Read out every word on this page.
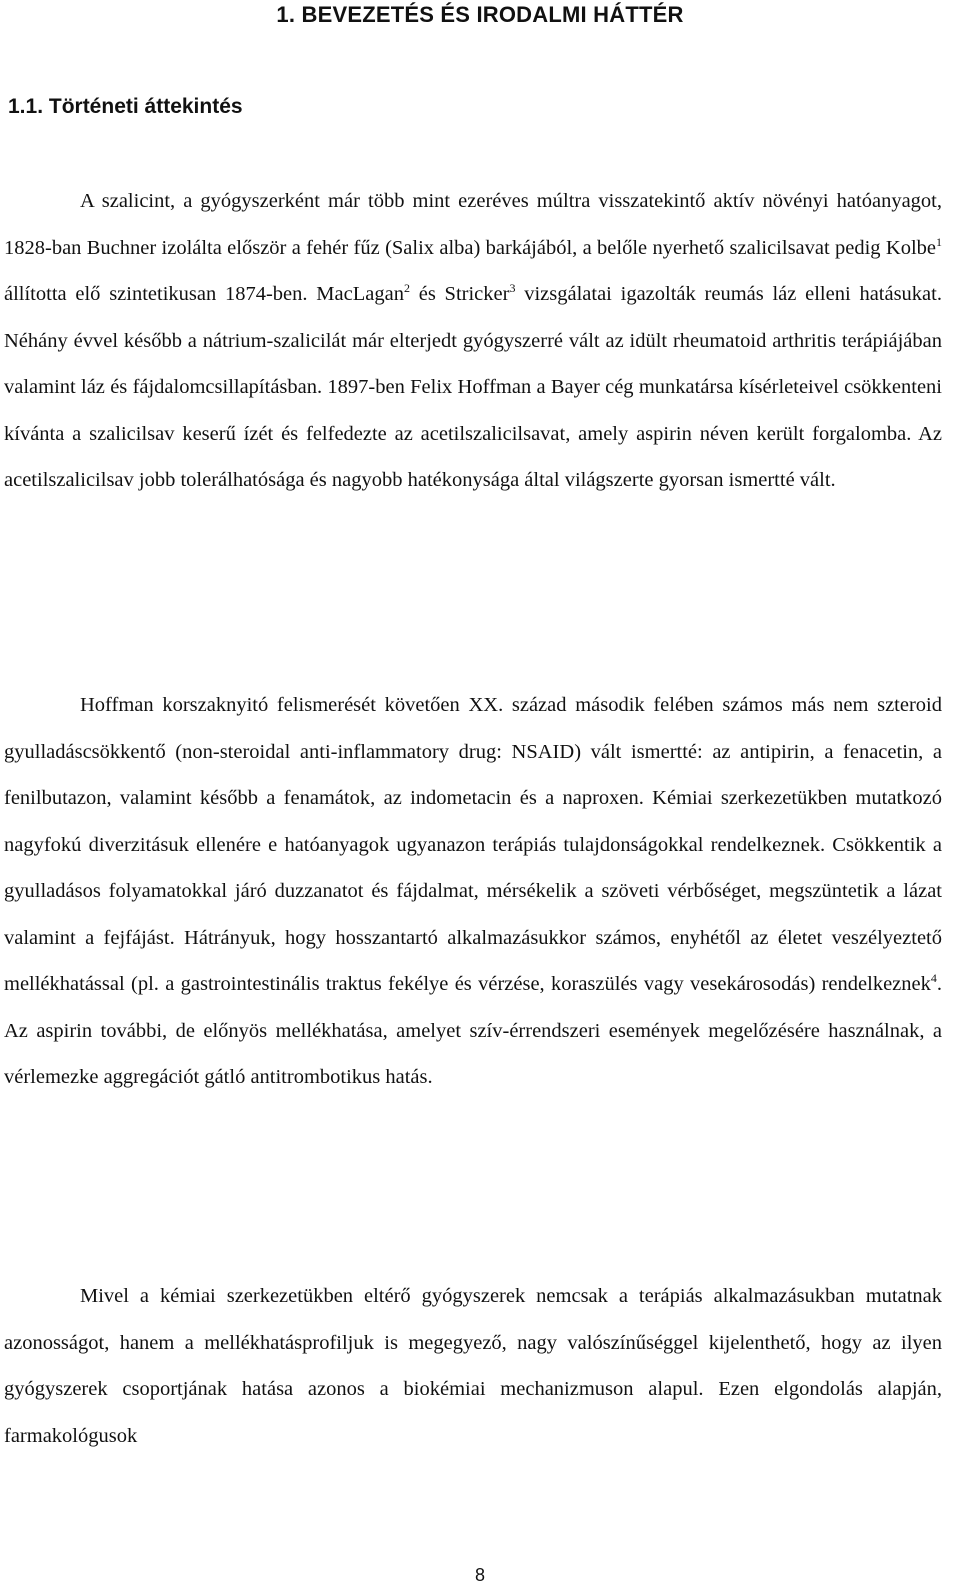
1. BEVEZETÉS ÉS IRODALMI HÁTTÉR
1.1. Történeti áttekintés

A szalicint, a gyógyszerként már több mint ezeréves múltra visszatekintő aktív növényi hatóanyagot, 1828-ban Buchner izolálta először a fehér fűz (Salix alba) barkájából, a belőle nyerhető szalicilsavat pedig Kolbe$^1$ állította elő szintetikusan 1874-ben. MacLagan$^2$ és Stricker$^3$ vizsgálatai igazolták reumás láz elleni hatásukat. Néhány évvel később a nátrium-szalicilát már elterjedt gyógyszerré vált az idült rheumatoid arthritis terápiájában valamint láz és fájdalomcsillapításban. 1897-ben Felix Hoffman a Bayer cég munkatársa kísérleteivel csökkenteni kívánta a szalicilsav keserű ízét és felfedezte az acetilszalicilsavat, amely aspirin néven került forgalomba. Az acetilszalicilsav jobb tolerálhatósága és nagyobb hatékonysága által világszerte gyorsan ismertté vált.

Hoffman korszaknyitó felismerését követően XX. század második felében számos más nem szteroid gyulladáscsökkentő (non-steroidal anti-inflammatory drug: NSAID) vált ismertté: az antipirin, a fenacetin, a fenilbutazon, valamint később a fenamátok, az indometacin és a naproxen. Kémiai szerkezetükben mutatkozó nagyfokú diverzitásuk ellenére e hatóanyagok ugyanazon terápiás tulajdonságokkal rendelkeznek. Csökkentik a gyulladásos folyamatokkal járó duzzanatot és fájdalmat, mérsékelik a szöveti vérbőséget, megszüntetik a lázat valamint a fejfájást. Hátrányuk, hogy hosszantartó alkalmazásukkor számos, enyhétől az életet veszélyeztető mellékhatással (pl. a gastrointestinális traktus fekélye és vérzése, koraszülés vagy vesekárosodás) rendelkeznek$^4$. Az aspirin további, de előnyös mellékhatása, amelyet szív-érrendszeri események megelőzésére használnak, a vérlemezke aggregációt gátló antitrombotikus hatás.

Mivel a kémiai szerkezetükben eltérő gyógyszerek nemcsak a terápiás alkalmazásukban mutatnak azonosságot, hanem a mellékhatásprofiljuk is megegyező, nagy valószínűséggel kijelenthető, hogy az ilyen gyógyszerek csoportjának hatása azonos a biokémiai mechanizmuson alapul. Ezen elgondolás alapján, farmakológusok

8
